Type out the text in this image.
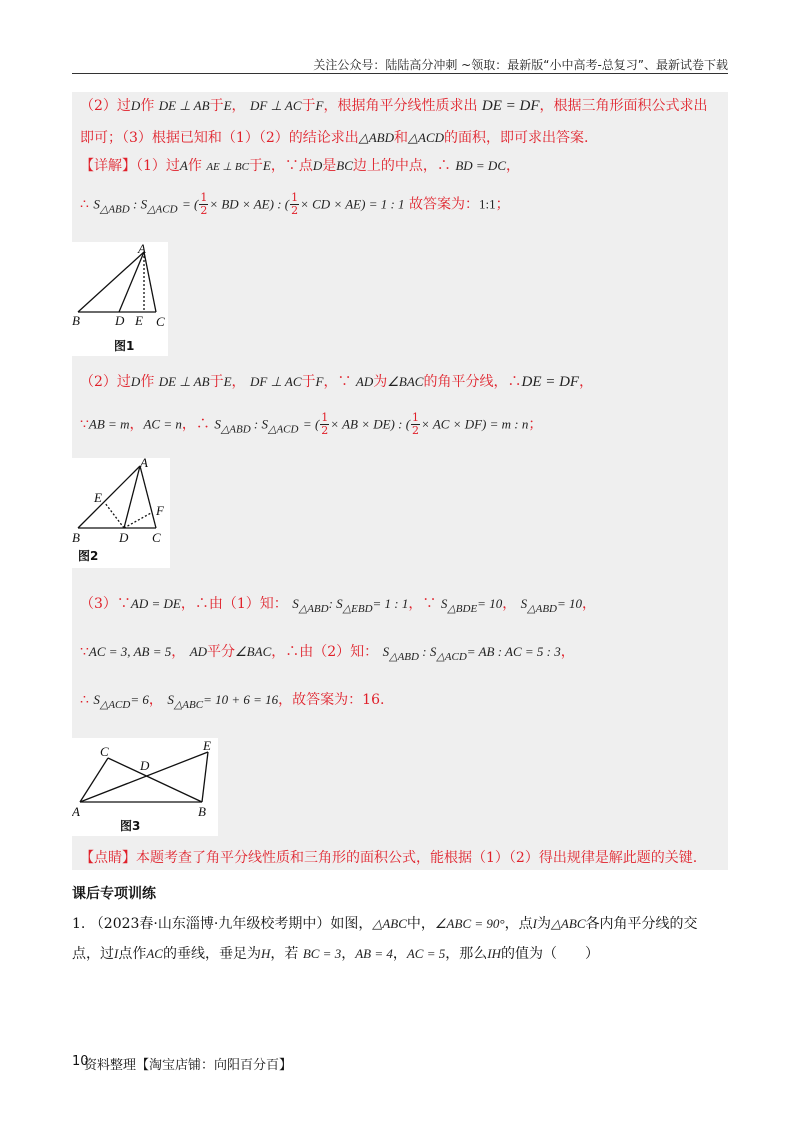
关注公众号：陆陆高分冲刺 ~领取：最新版“小中高考-总复习”、最新试卷下载
（2）过D作 DE ⊥ AB于E， DF ⊥ AC于F，根据角平分线性质求出 DE = DF，根据三角形面积公式求出
即可；（3）根据已知和（1）（2）的结论求出△ABD和△ACD的面积，即可求出答案.
【详解】（1）过A作 AE ⊥ BC于E，∵点D是BC边上的中点，∴ BD = DC，
∴ $S_{\triangle ABD}$ : $S_{\triangle ACD}$ = ( $\frac{1}{2}$ × BD × AE) : ( $\frac{1}{2}$ × CD × AE) = 1 : 1 故答案为：1:1；
A
B	D E C
图1
（2）过D作 DE ⊥ AB于E， DF ⊥ AC于F，∵ AD为∠BAC的角平分线，∴DE = DF，
∵AB = m，AC = n，∴ $S_{\triangle ABD}$ : $S_{\triangle ACD}$ = ( $\frac{1}{2}$ × AB × DE) : ( $\frac{1}{2}$ × AC × DF) = m : n；
A
E
F
B	D C
图2
（3）∵AD = DE，∴由（1）知： $S_{\triangle ABD}$: $S_{\triangle EBD}= 1$ : 1，∵ $S_{\triangle BDE}= 10$， $S_{\triangle ABD}= 10$，
∵AC = 3, AB = 5， AD平分∠BAC，∴由（2）知： $S_{\triangle ABD}$ : $S_{\triangle ACD}=$ AB : AC = 5 : 3，
∴ $S_{\triangle ACD}= 6$， $S_{\triangle ABC}= 10 + 6 = 16$，故答案为：16.
C
D
E
A	B
图3
【点睛】本题考查了角平分线性质和三角形的面积公式，能根据（1）（2）得出规律是解此题的关键.
课后专项训练
1. （2023春·山东淄博·九年级校考期中）如图，△ABC中，∠ABC = 90°，点I为△ABC各内角平分线的交
点，过I点作AC的垂线，垂足为H，若 BC = 3，AB = 4，AC = 5，那么IH的值为（　　）
10
资料整理【淘宝店铺：向阳百分百】
